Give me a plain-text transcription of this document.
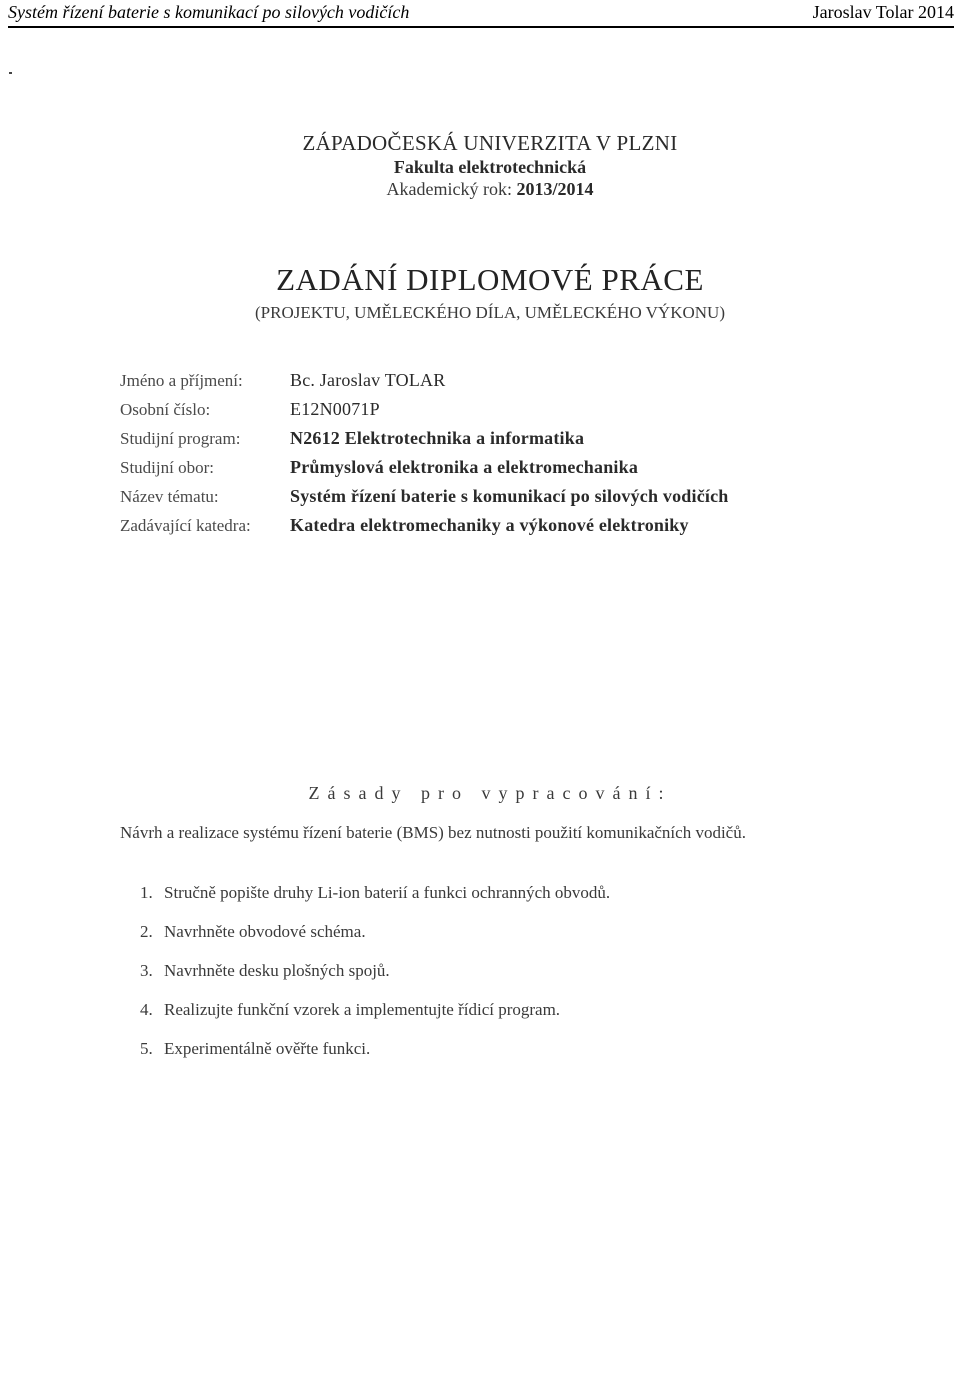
Systém řízení baterie s komunikací po silových vodičích	Jaroslav Tolar 2014
ZÁPADOČESKÁ UNIVERZITA V PLZNI
Fakulta elektrotechnická
Akademický rok: 2013/2014
ZADÁNÍ DIPLOMOVÉ PRÁCE
(PROJEKTU, UMĚLECKÉHO DÍLA, UMĚLECKÉHO VÝKONU)
Jméno a příjmení:	Bc. Jaroslav TOLAR
Osobní číslo:	E12N0071P
Studijní program:	N2612 Elektrotechnika a informatika
Studijní obor:	Průmyslová elektronika a elektromechanika
Název tématu:	Systém řízení baterie s komunikací po silových vodičích
Zadávající katedra: Katedra elektromechaniky a výkonové elektroniky
Zásady pro vypracování:
Návrh a realizace systému řízení baterie (BMS) bez nutnosti použití komunikačních vodičů.
1. Stručně popište druhy Li-ion baterií a funkci ochranných obvodů.
2. Navrhněte obvodové schéma.
3. Navrhněte desku plošných spojů.
4. Realizujte funkční vzorek a implementujte řídicí program.
5. Experimentálně ověřte funkci.
